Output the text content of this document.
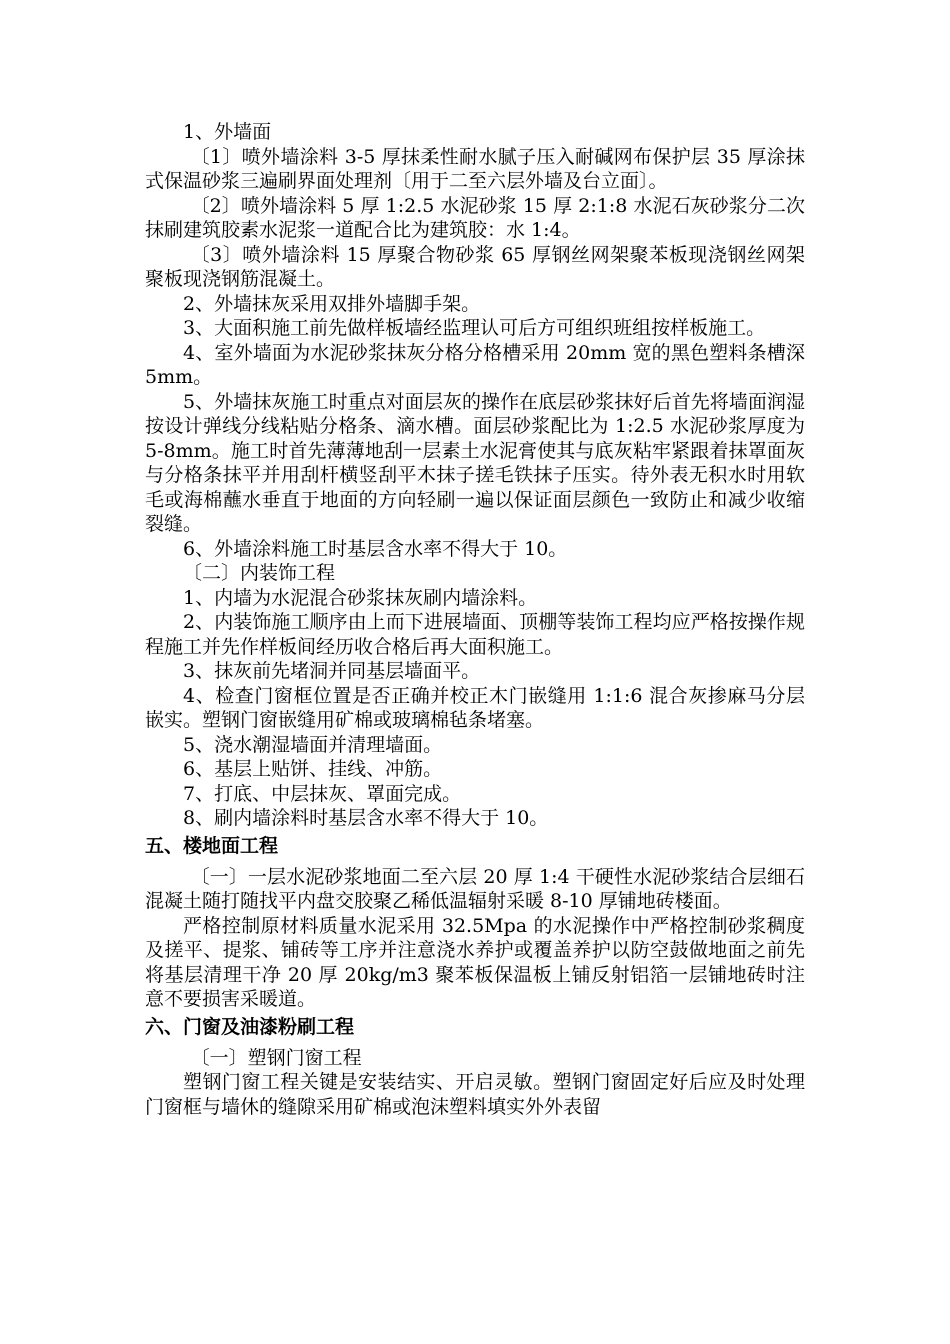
1、外墙面

〔1〕喷外墙涂料 3-5 厚抹柔性耐水腻子压入耐碱网布保护层 35 厚涂抹式保温砂浆三遍刷界面处理剂〔用于二至六层外墙及台立面〕。

〔2〕喷外墙涂料 5 厚 1:2.5 水泥砂浆 15 厚 2:1:8 水泥石灰砂浆分二次抹刷建筑胶素水泥浆一道配合比为建筑胶：水 1:4。

〔3〕喷外墙涂料 15 厚聚合物砂浆 65 厚钢丝网架聚苯板现浇钢丝网架聚板现浇钢筋混凝土。

2、外墙抹灰采用双排外墙脚手架。

3、大面积施工前先做样板墙经监理认可后方可组织班组按样板施工。

4、室外墙面为水泥砂浆抹灰分格分格槽采用 20mm 宽的黑色塑料条槽深 5mm。

5、外墙抹灰施工时重点对面层灰的操作在底层砂浆抹好后首先将墙面润湿按设计弹线分线粘贴分格条、滴水槽。面层砂浆配比为 1:2.5 水泥砂浆厚度为 5-8mm。施工时首先薄薄地刮一层素土水泥膏使其与底灰粘牢紧跟着抹罩面灰与分格条抹平并用刮杆横竖刮平木抹子搓毛铁抹子压实。待外表无积水时用软毛或海棉蘸水垂直于地面的方向轻刷一遍以保证面层颜色一致防止和减少收缩裂缝。

6、外墙涂料施工时基层含水率不得大于 10。

〔二〕内装饰工程

1、内墙为水泥混合砂浆抹灰刷内墙涂料。

2、内装饰施工顺序由上而下进展墙面、顶棚等装饰工程均应严格按操作规程施工并先作样板间经历收合格后再大面积施工。

3、抹灰前先堵洞并同基层墙面平。

4、检查门窗框位置是否正确并校正木门嵌缝用 1:1:6 混合灰掺麻马分层嵌实。塑钢门窗嵌缝用矿棉或玻璃棉毡条堵塞。

5、浇水潮湿墙面并清理墙面。

6、基层上贴饼、挂线、冲筋。

7、打底、中层抹灰、罩面完成。

8、刷内墙涂料时基层含水率不得大于 10。

五、楼地面工程

〔一〕一层水泥砂浆地面二至六层 20 厚 1:4 干硬性水泥砂浆结合层细石混凝土随打随找平内盘交胶聚乙稀低温辐射采暖 8-10 厚铺地砖楼面。

严格控制原材料质量水泥采用 32.5Mpa 的水泥操作中严格控制砂浆稠度及搓平、提浆、铺砖等工序并注意浇水养护或覆盖养护以防空鼓做地面之前先将基层清理干净 20 厚 20kg/m3 聚苯板保温板上铺反射铝箔一层铺地砖时注意不要损害采暖道。

六、门窗及油漆粉刷工程

〔一〕塑钢门窗工程

塑钢门窗工程关键是安装结实、开启灵敏。塑钢门窗固定好后应及时处理门窗框与墙休的缝隙采用矿棉或泡沫塑料填实外外表留
